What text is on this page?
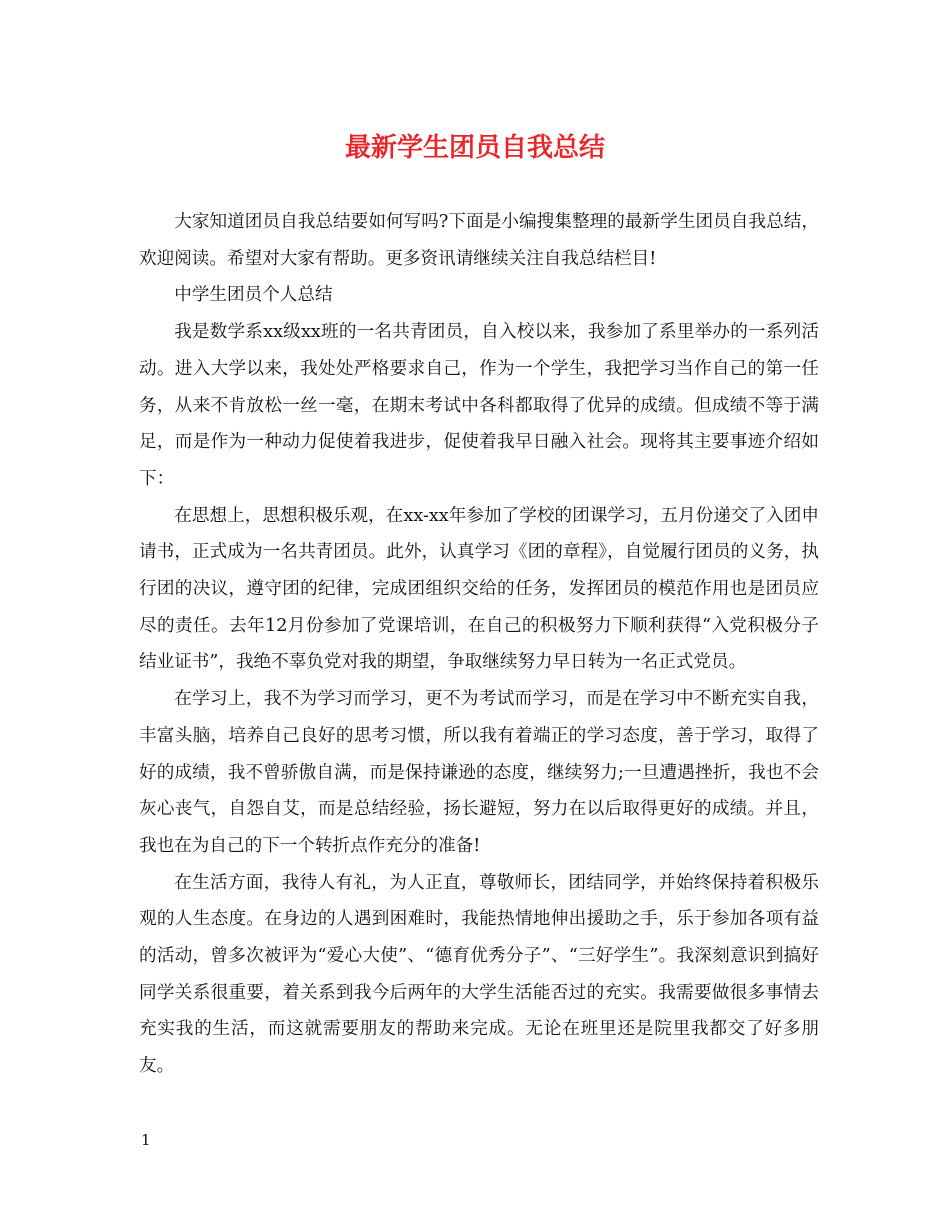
最新学生团员自我总结

大家知道团员自我总结要如何写吗?下面是小编搜集整理的最新学生团员自我总结，欢迎阅读。希望对大家有帮助。更多资讯请继续关注自我总结栏目!

中学生团员个人总结

我是数学系xx级xx班的一名共青团员，自入校以来，我参加了系里举办的一系列活动。进入大学以来，我处处严格要求自己，作为一个学生，我把学习当作自己的第一任务，从来不肯放松一丝一毫，在期末考试中各科都取得了优异的成绩。但成绩不等于满足，而是作为一种动力促使着我进步，促使着我早日融入社会。现将其主要事迹介绍如下：

在思想上，思想积极乐观，在xx-xx年参加了学校的团课学习，五月份递交了入团申请书，正式成为一名共青团员。此外，认真学习《团的章程》，自觉履行团员的义务，执行团的决议，遵守团的纪律，完成团组织交给的任务，发挥团员的模范作用也是团员应尽的责任。去年12月份参加了党课培训，在自己的积极努力下顺利获得“入党积极分子结业证书”，我绝不辜负党对我的期望，争取继续努力早日转为一名正式党员。

在学习上，我不为学习而学习，更不为考试而学习，而是在学习中不断充实自我，丰富头脑，培养自己良好的思考习惯，所以我有着端正的学习态度，善于学习，取得了好的成绩，我不曾骄傲自满，而是保持谦逊的态度，继续努力;一旦遭遇挫折，我也不会灰心丧气，自怨自艾，而是总结经验，扬长避短，努力在以后取得更好的成绩。并且，我也在为自己的下一个转折点作充分的准备!

在生活方面，我待人有礼，为人正直，尊敬师长，团结同学，并始终保持着积极乐观的人生态度。在身边的人遇到困难时，我能热情地伸出援助之手，乐于参加各项有益的活动，曾多次被评为“爱心大使”、“德育优秀分子”、“三好学生”。我深刻意识到搞好同学关系很重要，着关系到我今后两年的大学生活能否过的充实。我需要做很多事情去充实我的生活，而这就需要朋友的帮助来完成。无论在班里还是院里我都交了好多朋友。

1
